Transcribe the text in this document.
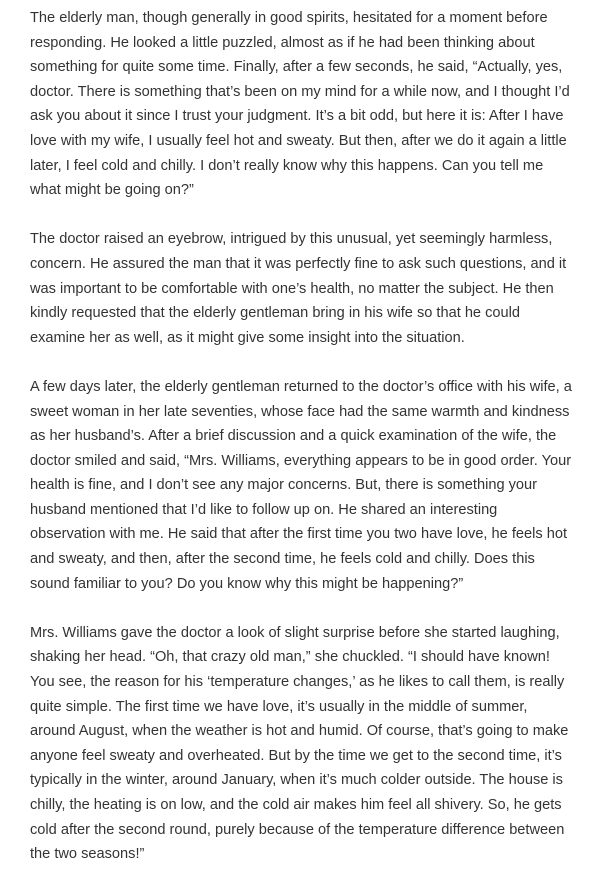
The elderly man, though generally in good spirits, hesitated for a moment before responding. He looked a little puzzled, almost as if he had been thinking about something for quite some time. Finally, after a few seconds, he said, “Actually, yes, doctor. There is something that’s been on my mind for a while now, and I thought I’d ask you about it since I trust your judgment. It’s a bit odd, but here it is: After I have love with my wife, I usually feel hot and sweaty. But then, after we do it again a little later, I feel cold and chilly. I don’t really know why this happens. Can you tell me what might be going on?”

The doctor raised an eyebrow, intrigued by this unusual, yet seemingly harmless, concern. He assured the man that it was perfectly fine to ask such questions, and it was important to be comfortable with one’s health, no matter the subject. He then kindly requested that the elderly gentleman bring in his wife so that he could examine her as well, as it might give some insight into the situation.

A few days later, the elderly gentleman returned to the doctor’s office with his wife, a sweet woman in her late seventies, whose face had the same warmth and kindness as her husband’s. After a brief discussion and a quick examination of the wife, the doctor smiled and said, “Mrs. Williams, everything appears to be in good order. Your health is fine, and I don’t see any major concerns. But, there is something your husband mentioned that I’d like to follow up on. He shared an interesting observation with me. He said that after the first time you two have love, he feels hot and sweaty, and then, after the second time, he feels cold and chilly. Does this sound familiar to you? Do you know why this might be happening?”

Mrs. Williams gave the doctor a look of slight surprise before she started laughing, shaking her head. “Oh, that crazy old man,” she chuckled. “I should have known! You see, the reason for his ‘temperature changes,’ as he likes to call them, is really quite simple. The first time we have love, it’s usually in the middle of summer, around August, when the weather is hot and humid. Of course, that’s going to make anyone feel sweaty and overheated. But by the time we get to the second time, it’s typically in the winter, around January, when it’s much colder outside. The house is chilly, the heating is on low, and the cold air makes him feel all shivery. So, he gets cold after the second round, purely because of the temperature difference between the two seasons!”
